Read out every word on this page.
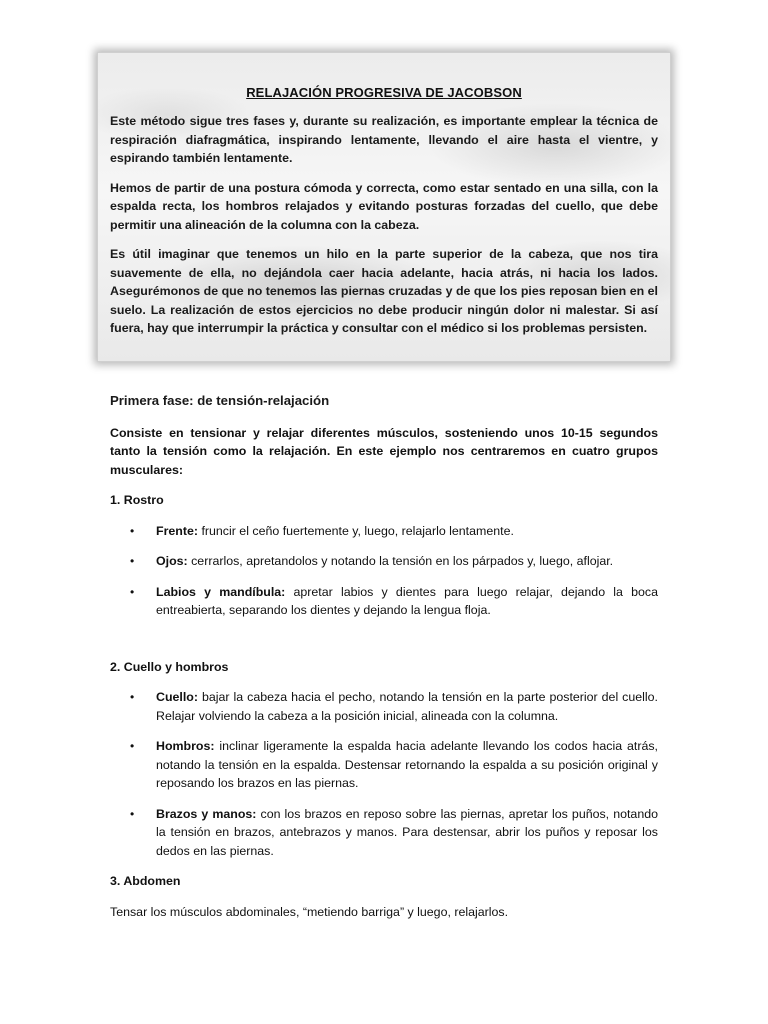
RELAJACIÓN PROGRESIVA DE JACOBSON

Este método sigue tres fases y, durante su realización, es importante emplear la técnica de respiración diafragmática, inspirando lentamente, llevando el aire hasta el vientre, y espirando también lentamente.

Hemos de partir de una postura cómoda y correcta, como estar sentado en una silla, con la espalda recta, los hombros relajados y evitando posturas forzadas del cuello, que debe permitir una alineación de la columna con la cabeza.

Es útil imaginar que tenemos un hilo en la parte superior de la cabeza, que nos tira suavemente de ella, no dejándola caer hacia adelante, hacia atrás, ni hacia los lados. Asegurémonos de que no tenemos las piernas cruzadas y de que los pies reposan bien en el suelo. La realización de estos ejercicios no debe producir ningún dolor ni malestar. Si así fuera, hay que interrumpir la práctica y consultar con el médico si los problemas persisten.

Primera fase: de tensión-relajación

Consiste en tensionar y relajar diferentes músculos, sosteniendo unos 10-15 segundos tanto la tensión como la relajación. En este ejemplo nos centraremos en cuatro grupos musculares:

1. Rostro
• Frente: fruncir el ceño fuertemente y, luego, relajarlo lentamente.
• Ojos: cerrarlos, apretandolos y notando la tensión en los párpados y, luego, aflojar.
• Labios y mandíbula: apretar labios y dientes para luego relajar, dejando la boca entreabierta, separando los dientes y dejando la lengua floja.
2. Cuello y hombros
• Cuello: bajar la cabeza hacia el pecho, notando la tensión en la parte posterior del cuello. Relajar volviendo la cabeza a la posición inicial, alineada con la columna.
• Hombros: inclinar ligeramente la espalda hacia adelante llevando los codos hacia atrás, notando la tensión en la espalda. Destensar retornando la espalda a su posición original y reposando los brazos en las piernas.
• Brazos y manos: con los brazos en reposo sobre las piernas, apretar los puños, notando la tensión en brazos, antebrazos y manos. Para destensar, abrir los puños y reposar los dedos en las piernas.
3. Abdomen

Tensar los músculos abdominales, “metiendo barriga” y luego, relajarlos.
